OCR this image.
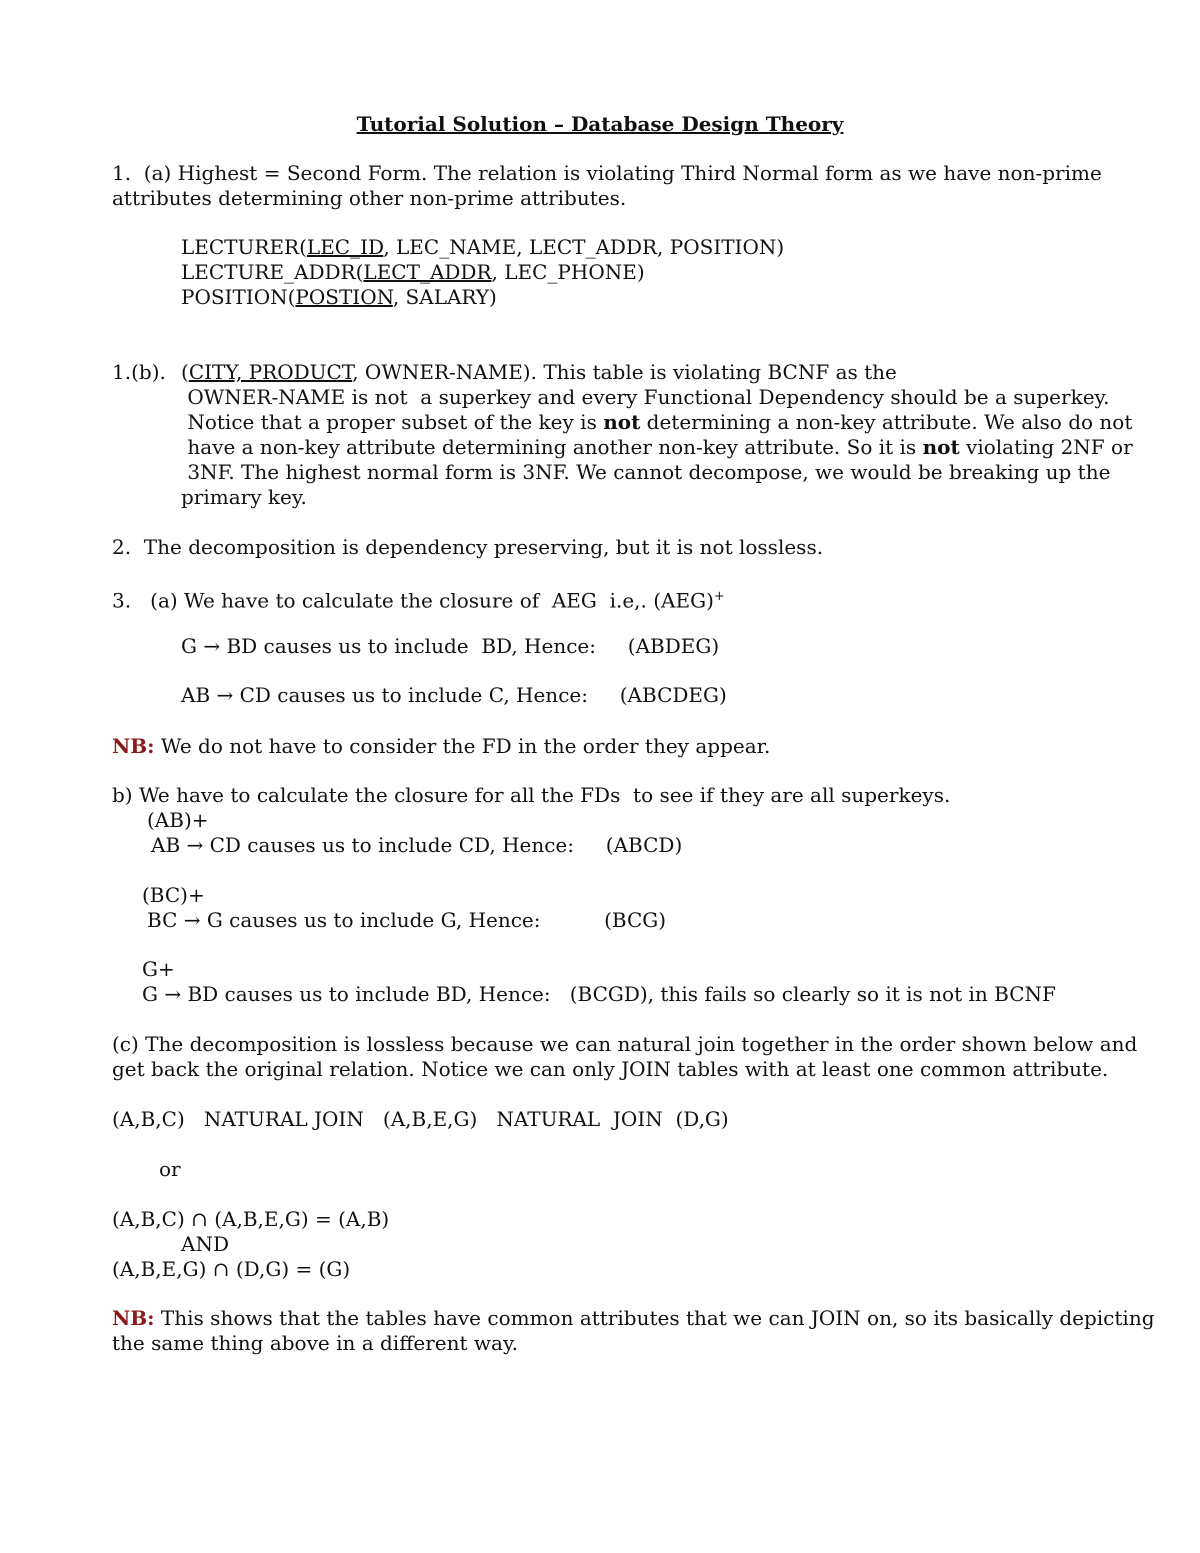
Tutorial Solution – Database Design Theory
1.  (a) Highest = Second Form. The relation is violating Third Normal form as we have non-prime
attributes determining other non-prime attributes.
LECTURER(LEC_ID, LEC_NAME, LECT_ADDR, POSITION)
LECTURE_ADDR(LECT_ADDR, LEC_PHONE)
POSITION(POSTION, SALARY)
1.(b). (CITY, PRODUCT, OWNER-NAME). This table is violating BCNF as the
OWNER-NAME is not  a superkey and every Functional Dependency should be a superkey.
Notice that a proper subset of the key is not determining a non-key attribute. We also do not
have a non-key attribute determining another non-key attribute. So it is not violating 2NF or
3NF. The highest normal form is 3NF. We cannot decompose, we would be breaking up the
primary key.
2.  The decomposition is dependency preserving, but it is not lossless.
3.   (a) We have to calculate the closure of  AEG  i.e,. (AEG)+
G → BD causes us to include  BD, Hence:     (ABDEG)
AB → CD causes us to include C, Hence:     (ABCDEG)
NB: We do not have to consider the FD in the order they appear.
b) We have to calculate the closure for all the FDs  to see if they are all superkeys.
(AB)+
AB → CD causes us to include CD, Hence:     (ABCD)
(BC)+
BC → G causes us to include G, Hence:          (BCG)
G+
G → BD causes us to include BD, Hence:   (BCGD), this fails so clearly so it is not in BCNF
(c) The decomposition is lossless because we can natural join together in the order shown below and
get back the original relation. Notice we can only JOIN tables with at least one common attribute.
(A,B,C)   NATURAL JOIN   (A,B,E,G)   NATURAL  JOIN  (D,G)
or
(A,B,C) ∩ (A,B,E,G) = (A,B)
AND
(A,B,E,G) ∩ (D,G) = (G)
NB: This shows that the tables have common attributes that we can JOIN on, so its basically depicting
the same thing above in a different way.
